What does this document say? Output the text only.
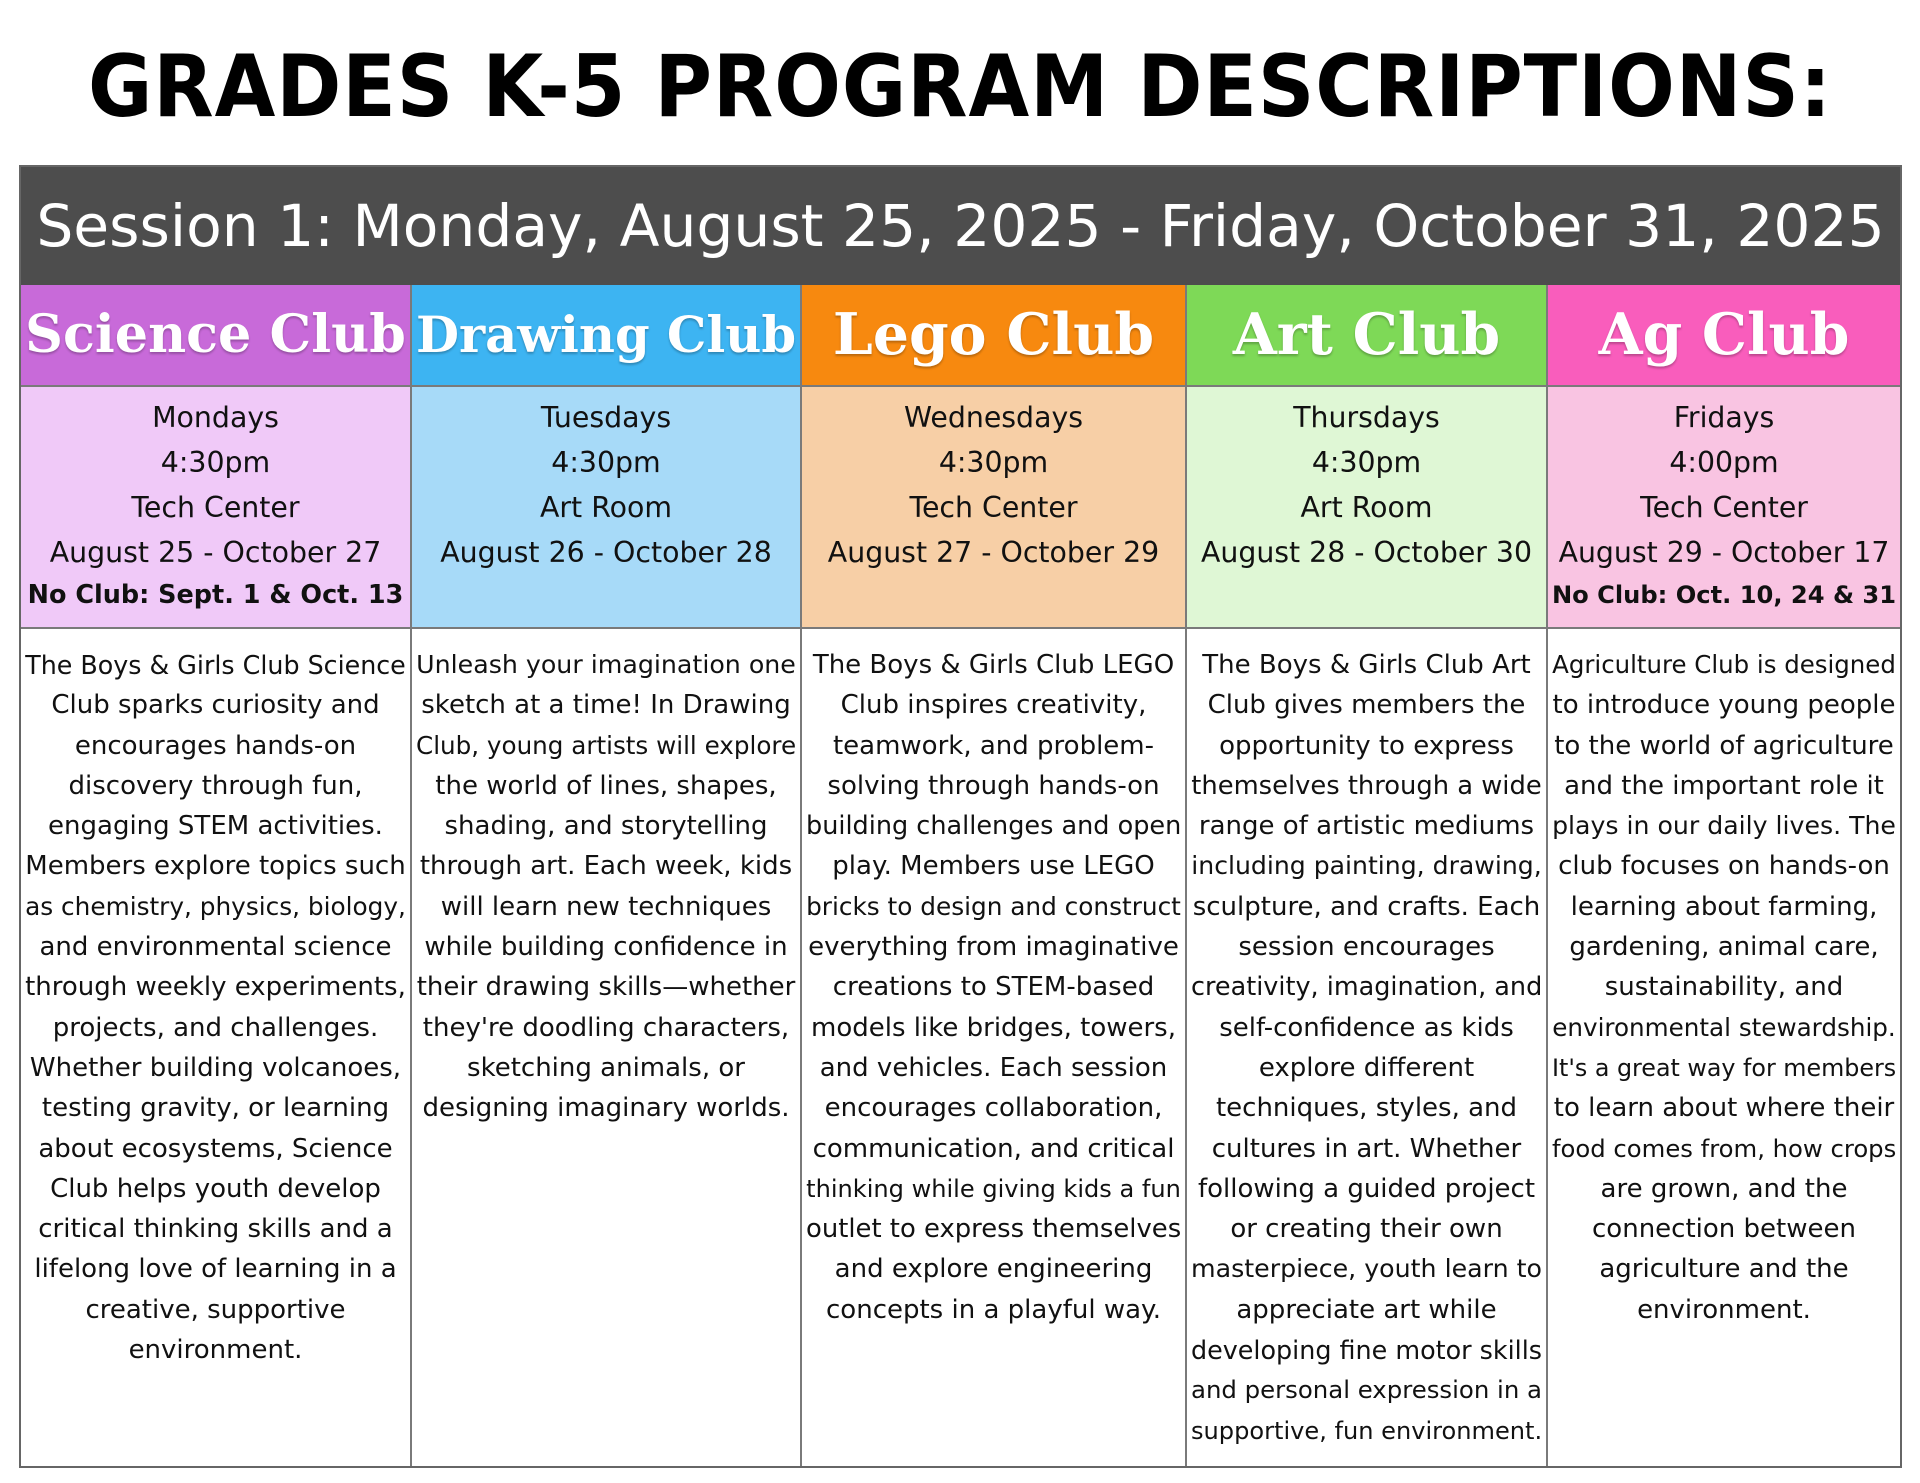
GRADES K-5 PROGRAM DESCRIPTIONS:
Session 1: Monday, August 25, 2025 - Friday, October 31, 2025
Science Club
Mondays
4:30pm
Tech Center
August 25 - October 27
No Club: Sept. 1 & Oct. 13
The Boys & Girls Club Science
Club sparks curiosity and
encourages hands-on
discovery through fun,
engaging STEM activities.
Members explore topics such
as chemistry, physics, biology,
and environmental science
through weekly experiments,
projects, and challenges.
Whether building volcanoes,
testing gravity, or learning
about ecosystems, Science
Club helps youth develop
critical thinking skills and a
lifelong love of learning in a
creative, supportive
environment.
Drawing Club
Tuesdays
4:30pm
Art Room
August 26 - October 28
Unleash your imagination one
sketch at a time! In Drawing
Club, young artists will explore
the world of lines, shapes,
shading, and storytelling
through art. Each week, kids
will learn new techniques
while building confidence in
their drawing skills—whether
they're doodling characters,
sketching animals, or
designing imaginary worlds.
Lego Club
Wednesdays
4:30pm
Tech Center
August 27 - October 29
The Boys & Girls Club LEGO
Club inspires creativity,
teamwork, and problem-
solving through hands-on
building challenges and open
play. Members use LEGO
bricks to design and construct
everything from imaginative
creations to STEM-based
models like bridges, towers,
and vehicles. Each session
encourages collaboration,
communication, and critical
thinking while giving kids a fun
outlet to express themselves
and explore engineering
concepts in a playful way.
Art Club
Thursdays
4:30pm
Art Room
August 28 - October 30
The Boys & Girls Club Art
Club gives members the
opportunity to express
themselves through a wide
range of artistic mediums
including painting, drawing,
sculpture, and crafts. Each
session encourages
creativity, imagination, and
self-confidence as kids
explore different
techniques, styles, and
cultures in art. Whether
following a guided project
or creating their own
masterpiece, youth learn to
appreciate art while
developing fine motor skills
and personal expression in a
supportive, fun environment.
Ag Club
Fridays
4:00pm
Tech Center
August 29 - October 17
No Club: Oct. 10, 24 & 31
Agriculture Club is designed
to introduce young people
to the world of agriculture
and the important role it
plays in our daily lives. The
club focuses on hands-on
learning about farming,
gardening, animal care,
sustainability, and
environmental stewardship.
It's a great way for members
to learn about where their
food comes from, how crops
are grown, and the
connection between
agriculture and the
environment.
